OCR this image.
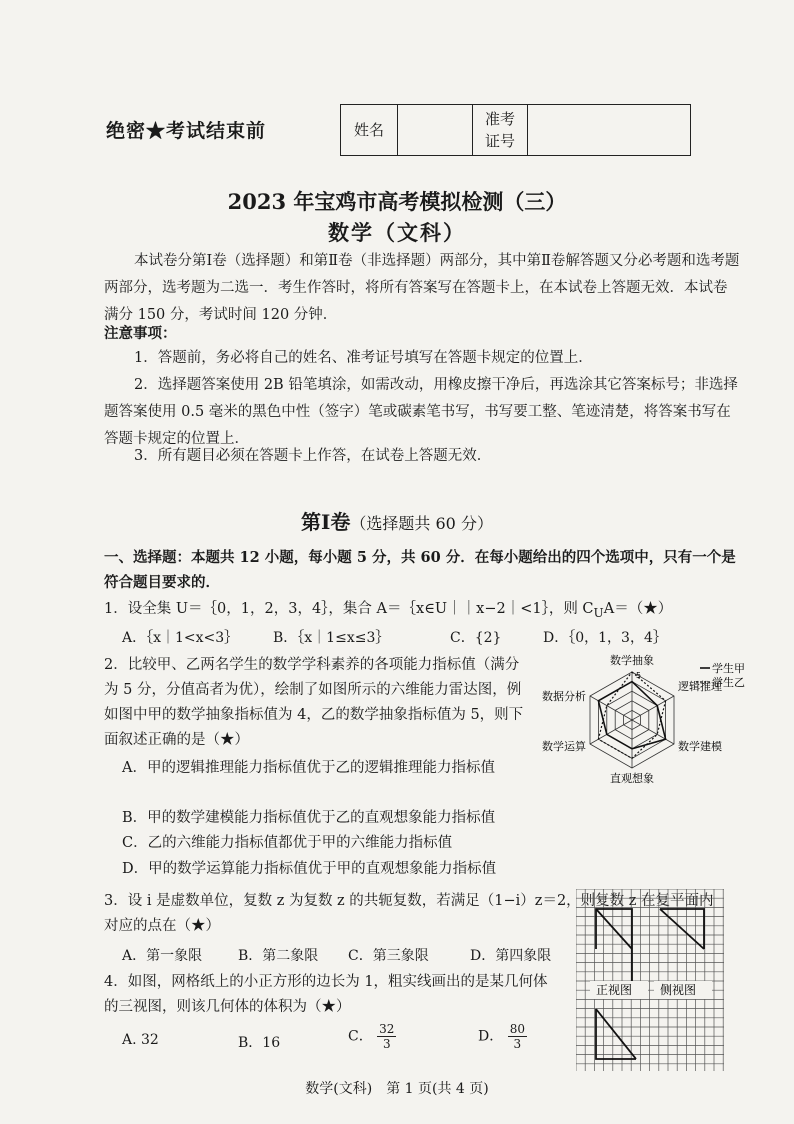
绝密★考试结束前	姓名		
准考
证号

2023 年宝鸡市高考模拟检测（三）
数学（文科）
本试卷分第Ⅰ卷（选择题）和第Ⅱ卷（非选择题）两部分，其中第Ⅱ卷解答题又分必考题和选考题两部分，选考题为二选一．考生作答时，将所有答案写在答题卡上，在本试卷上答题无效．本试卷满分 150 分，考试时间 120 分钟．
注意事项：
1．答题前，务必将自己的姓名、准考证号填写在答题卡规定的位置上．
2．选择题答案使用 2B 铅笔填涂，如需改动，用橡皮擦干净后，再选涂其它答案标号；非选择题答案使用 0.5 毫米的黑色中性（签字）笔或碳素笔书写，书写要工整、笔迹清楚，将答案书写在答题卡规定的位置上．
3．所有题目必须在答题卡上作答，在试卷上答题无效．
第Ⅰ卷（选择题共 60 分）
一、选择题：本题共 12 小题，每小题 5 分，共 60 分．在每小题给出的四个选项中，只有一个是符合题目要求的．
1．设全集 U＝｛0，1，2，3，4｝，集合 A＝｛x∈U｜｜x−2｜<1｝，则 $C_UA=(★)$
A．｛x｜1<x<3｝ B．｛x｜1≤x≤3｝	C．{2}	D．｛0，1，3，4｝
2．比较甲、乙两名学生的数学学科素养的各项能力指标值（满分为 5 分，分值高者为优），绘制了如图所示的六维能力雷达图，例如图中甲的数学抽象指标值为 4，乙的数学抽象指标值为 5，则下面叙述正确的是（★）
A．甲的逻辑推理能力指标值优于乙的逻辑推理能力指标值
B．甲的数学建模能力指标值优于乙的直观想象能力指标值
C．乙的六维能力指标值都优于甲的六维能力指标值
D．甲的数学运算能力指标值优于甲的直观想象能力指标值
数学抽象
逻辑推理
数学建模
直观想象
数学运算
数据分析
5
学生甲
学生乙
3．设 i 是虚数单位，复数 z 为复数 z 的共轭复数，若满足（1−i）z＝2，则复数 z 在复平面内对应的点在（★）
A．第一象限	B．第二象限 C．第三象限	D．第四象限
4．如图，网格纸上的小正方形的边长为 1，粗实线画出的是某几何体的三视图，则该几何体的体积为（★）
A. 32	B．16	C． $\frac{32}{3}$	D． $\frac{80}{3}$
正视图 侧视图
数学(文科)　第 1 页(共 4 页)
